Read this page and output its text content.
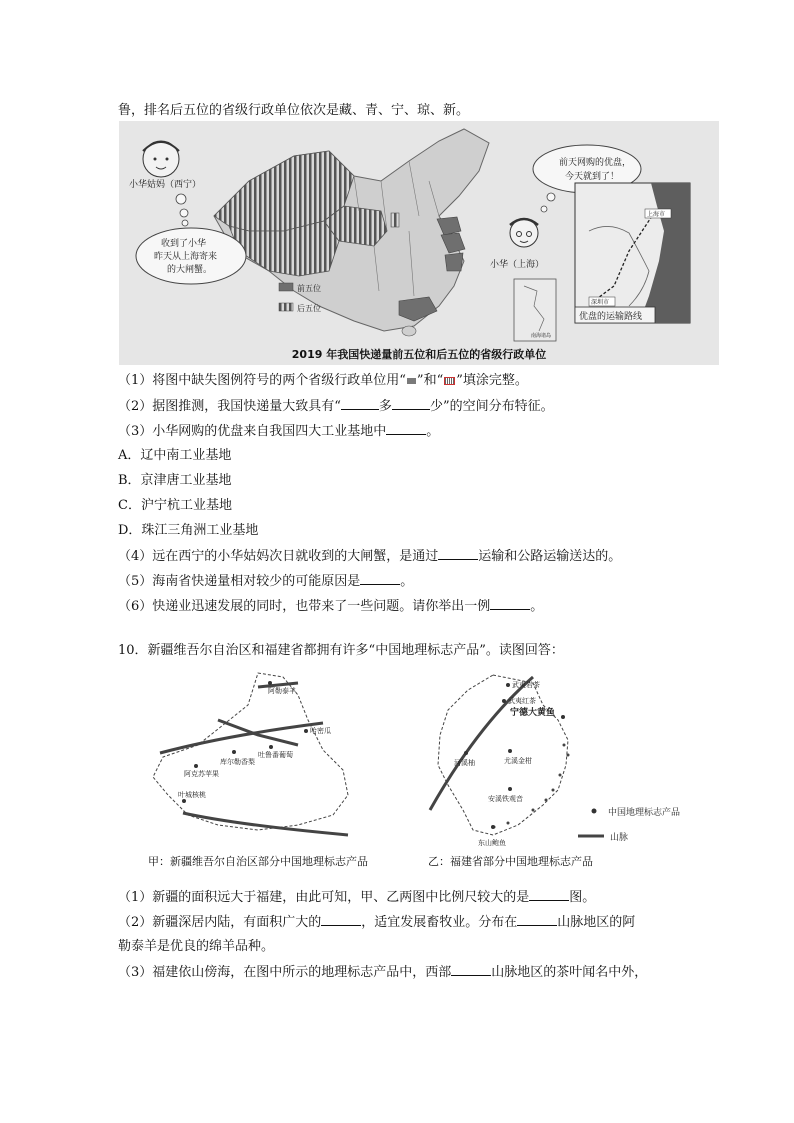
鲁，排名后五位的省级行政单位依次是藏、青、宁、琼、新。
前五位
后五位
南海诸岛
小华姑妈（西宁）
收到了小华
昨天从上海寄来
的大闸蟹。	小华（上海）
前天网购的优盘，
今天就到了！
上海市
深圳市
优盘的运输路线
2019 年我国快递量前五位和后五位的省级行政单位
（1）将图中缺失图例符号的两个省级行政单位用“ ”和“ ”填涂完整。
（2）据图推测，我国快递量大致具有“	多	少”的空间分布特征。
（3）小华网购的优盘来自我国四大工业基地中	。
A．辽中南工业基地
B．京津唐工业基地
C．沪宁杭工业基地
D．珠江三角洲工业基地
（4）远在西宁的小华姑妈次日就收到的大闸蟹，是通过	运输和公路运输送达的。
（5）海南省快递量相对较少的可能原因是	。
（6）快递业迅速发展的同时，也带来了一些问题。请你举出一例	。
10．新疆维吾尔自治区和福建省都拥有许多“中国地理标志产品”。读图回答：
阿勒泰羊
哈密瓜
吐鲁番葡萄
库尔勒香梨
阿克苏苹果
叶城核桃
甲：新疆维吾尔自治区部分中国地理标志产品
武夷岩茶
武夷红茶
宁德大黄鱼
河溪柚	尤溪金柑
安溪铁观音
东山鲍鱼
中国地理标志产品
山脉
乙：福建省部分中国地理标志产品
（1）新疆的面积远大于福建，由此可知，甲、乙两图中比例尺较大的是	图。
（2）新疆深居内陆，有面积广大的	，适宜发展畜牧业。分布在	山脉地区的阿
勒泰羊是优良的绵羊品种。
（3）福建依山傍海，在图中所示的地理标志产品中，西部	山脉地区的茶叶闻名中外，
